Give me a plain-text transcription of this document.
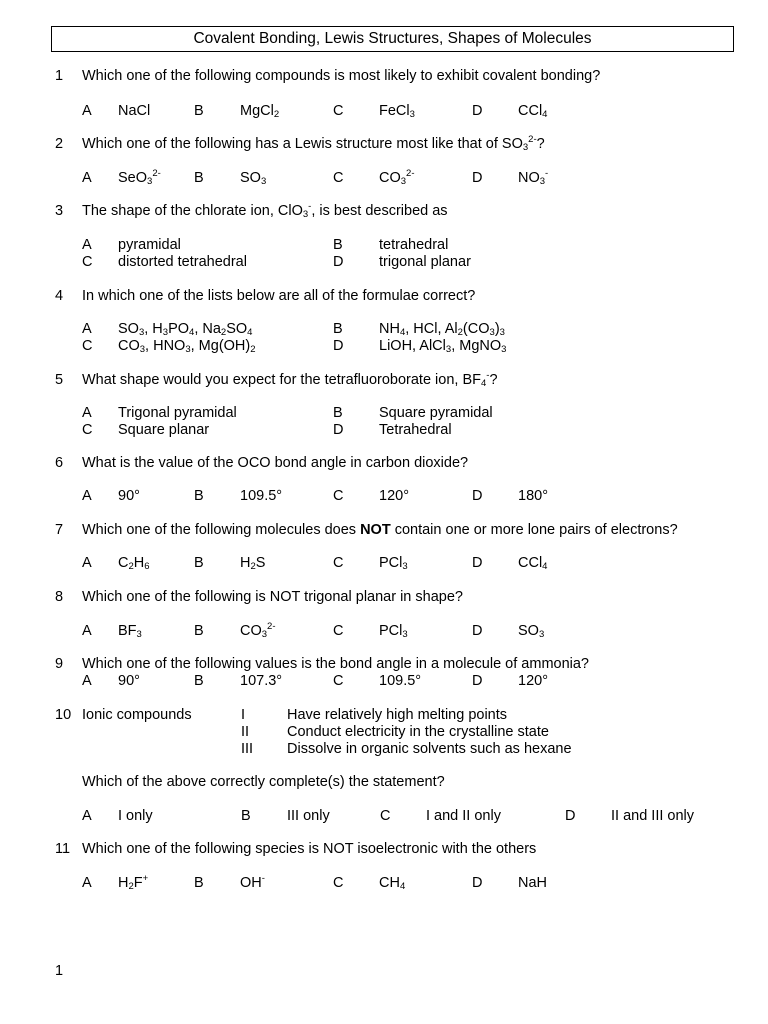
Covalent Bonding, Lewis Structures, Shapes of Molecules
1 Which one of the following compounds is most likely to exhibit covalent bonding?
A NaCl	B	MgCl$_2$	C FeCl$_3$	D CCl$_4$
2 Which one of the following has a Lewis structure most like that of $SO_3^{2-}$?
A SeO$_3^{2-}$ B	$SO_3$	C $CO_3^{2-}$	D $NO_3^-$
3 The shape of the chlorate ion, ClO$_3$-, is best described as
A pyramidal	B	tetrahedral
C distorted tetrahedral	D trigonal planar
4 In which one of the lists below are all of the formulae correct?
A $SO_3$, $H_3PO_4$, $Na_2SO_4$	B	$NH_4$, HCl, $Al_2(CO_3)_3$
C $CO_3$, $HNO_3$, $Mg(OH)_2$	D LiOH, AlCl$_3$, MgNO$_3$
5 What shape would you expect for the tetrafluoroborate ion, $BF_4^-$?
A Trigonal pyramidal	B	Square pyramidal
C Square planar	D Tetrahedral
6 What is the value of the OCO bond angle in carbon dioxide?
A 90°	B	109.5°	C 120°	D 180°
7 Which one of the following molecules does NOT contain one or more lone pairs of electrons?
A $C_2H_6$	B	$H_2S$	C PCl$_3$	D CCl$_4$
8 Which one of the following is NOT trigonal planar in shape?
A $BF_3$	B	$CO_3^{2-}$	C PCl$_3$	D $SO_3$
9 Which one of the following values is the bond angle in a molecule of ammonia?
A 90°	B	107.3°	C 109.5°	D 120°
10 Ionic compounds	I	Have relatively high melting points
II	Conduct electricity in the crystalline state
III Dissolve in organic solvents such as hexane
Which of the above correctly complete(s) the statement?
A I only	B	III only	C I and II only	D II and III only
11 Which one of the following species is NOT isoelectronic with the others
A $H_2F^+$	B	OH-	C $CH_4$	D NaH
1
